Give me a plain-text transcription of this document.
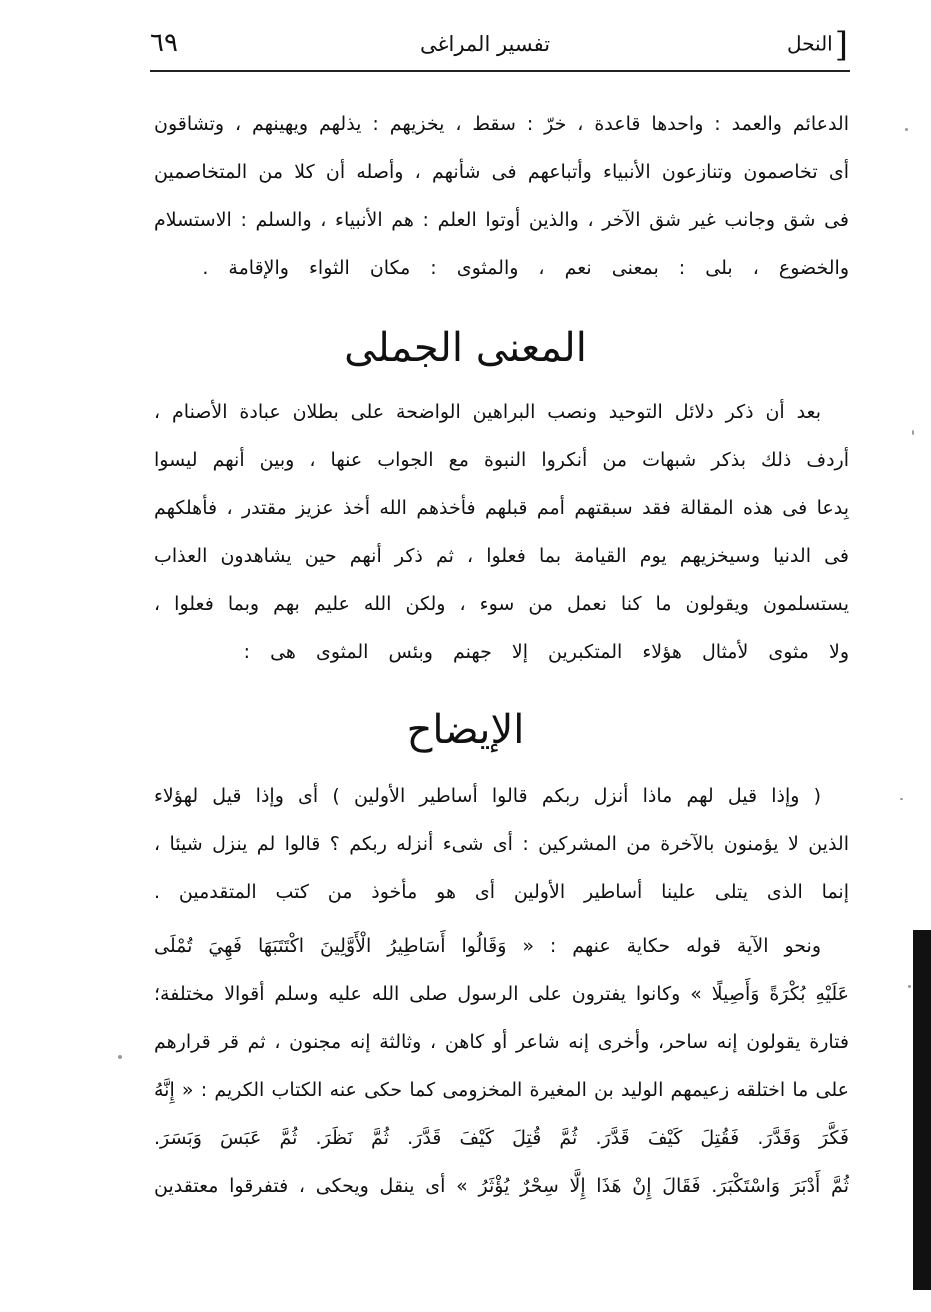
[النحل
تفسير المراغى
٦٩
الدعائم والعمد : واحدها قاعدة ، خرّ : سقط ، يخزيهم : يذلهم ويهينهم ، وتشاقون
أى تخاصمون وتنازعون الأنبياء وأتباعهم فى شأنهم ، وأصله أن كلا من المتخاصمين
فى شق وجانب غير شق الآخر ، والذين أوتوا العلم : هم الأنبياء ، والسلم : الاستسلام
والخضوع ، بلى : بمعنى نعم ، والمثوى : مكان الثواء والإقامة .
المعنى الجملى
بعد أن ذكر دلائل التوحيد ونصب البراهين الواضحة على بطلان عبادة الأصنام ،
أردف ذلك بذكر شبهات من أنكروا النبوة مع الجواب عنها ، وبين أنهم ليسوا
بِدعا فى هذه المقالة فقد سبقتهم أمم قبلهم فأخذهم الله أخذ عزيز مقتدر ، فأهلكهم
فى الدنيا وسيخزيهم يوم القيامة بما فعلوا ، ثم ذكر أنهم حين يشاهدون العذاب
يستسلمون ويقولون ما كنا نعمل من سوء ، ولكن الله عليم بهم وبما فعلوا ،
ولا مثوى لأمثال هؤلاء المتكبرين إلا جهنم وبئس المثوى هى :
الإيضاح
( وإذا قيل لهم ماذا أنزل ربكم قالوا أساطير الأولين ) أى وإذا قيل لهؤلاء
الذين لا يؤمنون بالآخرة من المشركين : أى شىء أنزله ربكم ؟ قالوا لم ينزل شيئا ،
إنما الذى يتلى علينا أساطير الأولين أى هو مأخوذ من كتب المتقدمين .
ونحو الآية قوله حكاية عنهم : « وَقَالُوا أَسَاطِيرُ الْأَوَّلِينَ اكْتَتَبَهَا فَهِيَ تُمْلَى
عَلَيْهِ بُكْرَةً وَأَصِيلًا » وكانوا يفترون على الرسول صلى الله عليه وسلم أقوالا مختلفة؛
فتارة يقولون إنه ساحر، وأخرى إنه شاعر أو كاهن ، وثالثة إنه مجنون ، ثم قر قرارهم
على ما اختلقه زعيمهم الوليد بن المغيرة المخزومى كما حكى عنه الكتاب الكريم : « إِنَّهُ
فَكَّرَ وَقَدَّرَ. فَقُتِلَ كَيْفَ قَدَّرَ. ثُمَّ قُتِلَ كَيْفَ قَدَّرَ. ثُمَّ نَظَرَ. ثُمَّ عَبَسَ وَبَسَرَ.
ثُمَّ أَدْبَرَ وَاسْتَكْبَرَ. فَقَالَ إِنْ هَذَا إِلَّا سِحْرٌ يُؤْثَرُ » أى ينقل ويحكى ، فتفرقوا معتقدين
